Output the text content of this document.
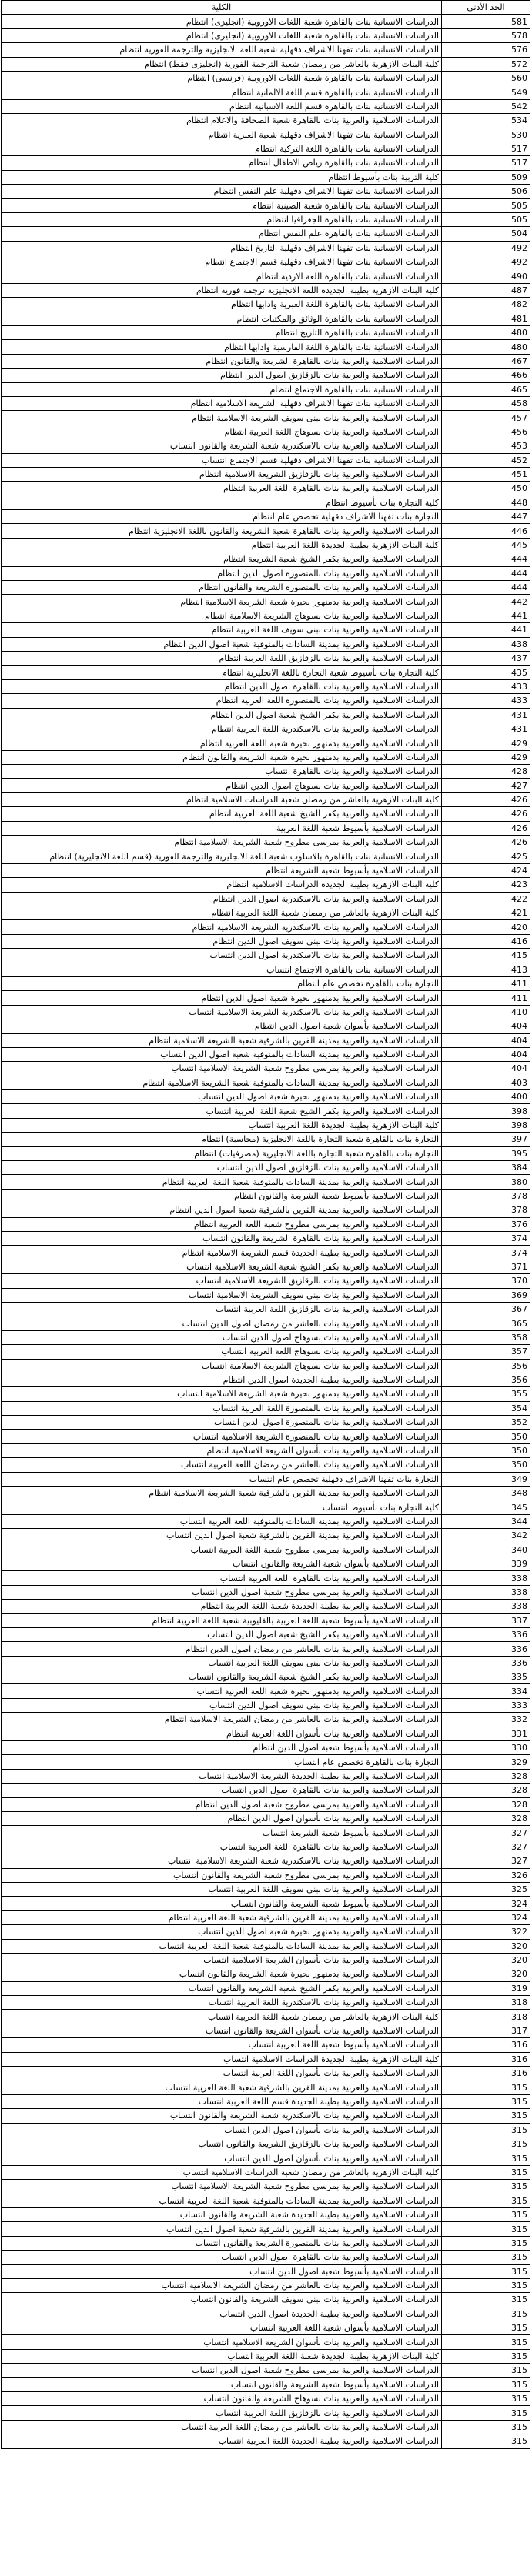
الحد الأدنى	الكلية
581	الدراسات الانسانية بنات بالقاهرة شعبة اللغات الاوروبية (انجليزى) انتظام
578	الدراسات الانسانية بنات بالقاهرة شعبة اللغات الاوروبية (انجليزى) انتظام
576	الدراسات الانسانية بنات تفهنا الاشراف دقهلية شعبة اللغة الانجليزية والترجمة الفورية انتظام
572	كلية البنات الازهرية بالعاشر من رمضان شعبة الترجمة الفورية (انجليزى فقط) انتظام
560	الدراسات الانسانية بنات بالقاهرة شعبة اللغات الاوروبية (فرنسى) انتظام
549	الدراسات الانسانية بنات بالقاهرة قسم اللغة الالمانية انتظام
542	الدراسات الانسانية بنات بالقاهرة قسم اللغة الاسبانية انتظام
534	الدراسات الاسلامية والعربية بنات بالقاهرة شعبة الصحافة والاعلام انتظام
530	الدراسات الانسانية بنات تفهنا الاشراف دقهلية شعبة العبرية انتظام
517	الدراسات الانسانية بنات بالقاهرة اللغة التركية انتظام
517	الدراسات الانسانية بنات بالقاهرة رياض الاطفال انتظام
509	كلية التربية بنات بأسيوط انتظام
506	الدراسات الانسانية بنات تفهنا الاشراف دقهلية علم النفس انتظام
505	الدراسات الانسانية بنات بالقاهرة شعبة الصينية انتظام
505	الدراسات الانسانية بنات بالقاهرة الجغرافيا انتظام
504	الدراسات الانسانية بنات بالقاهرة علم النفس انتظام
492	الدراسات الانسانية بنات تفهنا الاشراف دقهلية التاريخ انتظام
492	الدراسات الانسانية بنات تفهنا الاشراف دقهلية قسم الاجتماع انتظام
490	الدراسات الانسانية بنات بالقاهرة اللغة الاردية انتظام
487	كلية البنات الازهرية بطيبة الجديدة اللغة الانجليزية ترجمة فورية انتظام
482	الدراسات الانسانية بنات بالقاهرة اللغة العبرية وادابها انتظام
481	الدراسات الانسانية بنات بالقاهرة الوثائق والمكتبات انتظام
480	الدراسات الانسانية بنات بالقاهرة التاريخ انتظام
480	الدراسات الانسانية بنات بالقاهرة اللغة الفارسية وادابها انتظام
467	الدراسات الاسلامية والعربية بنات بالقاهرة الشريعة والقانون انتظام
466	الدراسات الاسلامية والعربية بنات بالزقازيق اصول الدين انتظام
465	الدراسات الانسانية بنات بالقاهرة الاجتماع انتظام
458	الدراسات الانسانية بنات تفهنا الاشراف دقهلية الشريعة الاسلامية انتظام
457	الدراسات الاسلامية والعربية بنات ببنى سويف الشريعة الاسلامية انتظام
456	الدراسات الاسلامية والعربية بنات بسوهاج اللغة العربية انتظام
453	الدراسات الاسلامية والعربية بنات بالاسكندرية شعبة الشريعة والقانون انتساب
452	الدراسات الانسانية بنات تفهنا الاشراف دقهلية قسم الاجتماع انتساب
451	الدراسات الاسلامية والعربية بنات بالزقازيق الشريعة الاسلامية انتظام
450	الدراسات الاسلامية والعربية بنات بالقاهرة اللغة العربية انتظام
448	كلية التجارة بنات بأسيوط انتظام
447	التجارة بنات تفهنا الاشراف دقهلية تخصص عام انتظام
446	الدراسات الاسلامية والعربية بنات بالقاهرة شعبة الشريعة والقانون باللغة الانجليزية انتظام
445	كلية البنات الازهرية بطيبة الجديدة اللغة العربية انتظام
444	الدراسات الاسلامية والعربية بكفر الشيخ شعبة الشريعة انتظام
444	الدراسات الاسلامية والعربية بنات بالمنصورة اصول الدين انتظام
444	الدراسات الاسلامية والعربية بنات بالمنصورة الشريعة والقانون انتظام
442	الدراسات الاسلامية والعربية بدمنهور بحيرة شعبة الشريعة الاسلامية انتظام
441	الدراسات الاسلامية والعربية بنات بسوهاج الشريعة الاسلامية انتظام
441	الدراسات الاسلامية والعربية بنات ببنى سويف اللغة العربية انتظام
438	الدراسات الاسلامية والعربية بمدينة السادات بالمنوفية شعبة اصول الدين انتظام
437	الدراسات الاسلامية والعربية بنات بالزقازيق اللغة العربية انتظام
435	كلية التجارة بنات بأسيوط شعبة التجارة باللغة الانجليزية انتظام
433	الدراسات الاسلامية والعربية بنات بالقاهرة اصول الدين انتظام
433	الدراسات الاسلامية والعربية بنات بالمنصورة اللغة العربية انتظام
431	الدراسات الاسلامية والعربية بكفر الشيخ شعبة اصول الدين انتظام
431	الدراسات الاسلامية والعربية بنات بالاسكندرية اللغة العربية انتظام
429	الدراسات الاسلامية والعربية بدمنهور بحيرة شعبة اللغة العربية انتظام
429	الدراسات الاسلامية والعربية بدمنهور بحيرة شعبة الشريعة والقانون انتظام
428	الدراسات الاسلامية والعربية بنات بالقاهرة انتساب
427	الدراسات الاسلامية والعربية بنات بسوهاج اصول الدين انتظام
426	كلية البنات الازهرية بالعاشر من رمضان شعبة الدراسات الاسلامية انتظام
426	الدراسات الاسلامية والعربية بكفر الشيخ شعبة اللغة العربية انتظام
426	الدراسات الاسلامية بأسيوط شعبة اللغة العربية
426	الدراسات الاسلامية والعربية بمرسى مطروح شعبة الشريعة الاسلامية انتظام
425	الدراسات الانسانية بنات بالقاهرة بالاسلوب شعبة اللغة الانجليزية والترجمة الفورية (قسم اللغة الانجليزية) انتظام
424	الدراسات الاسلامية بأسيوط شعبة الشريعة انتظام
423	كلية البنات الازهرية بطيبة الجديدة الدراسات الاسلامية انتظام
422	الدراسات الاسلامية والعربية بنات بالاسكندرية اصول الدين انتظام
421	كلية البنات الازهرية بالعاشر من رمضان شعبة اللغة العربية انتظام
420	الدراسات الاسلامية والعربية بنات بالاسكندرية الشريعة الاسلامية انتظام
416	الدراسات الاسلامية والعربية بنات ببنى سويف اصول الدين انتظام
415	الدراسات الاسلامية والعربية بنات بالاسكندرية اصول الدين انتساب
413	الدراسات الانسانية بنات بالقاهرة الاجتماع انتساب
411	التجارة بنات بالقاهرة تخصص عام انتظام
411	الدراسات الاسلامية والعربية بدمنهور بحيرة شعبة اصول الدين انتظام
410	الدراسات الاسلامية والعربية بنات بالاسكندرية الشريعة الاسلامية انتساب
404	الدراسات الاسلامية بأسوان شعبة اصول الدين انتظام
404	الدراسات الاسلامية والعربية بمدينة القرين بالشرقية شعبة الشريعة الاسلامية انتظام
404	الدراسات الاسلامية والعربية بمدينة السادات بالمنوفية شعبة اصول الدين انتساب
404	الدراسات الاسلامية والعربية بمرسى مطروح شعبة الشريعة الاسلامية انتساب
403	الدراسات الاسلامية والعربية بمدينة السادات بالمنوفية شعبة الشريعة الاسلامية انتظام
400	الدراسات الاسلامية والعربية بدمنهور بحيرة شعبة اصول الدين انتساب
398	الدراسات الاسلامية والعربية بكفر الشيخ شعبة اللغة العربية انتساب
398	كلية البنات الازهرية بطيبة الجديدة اللغة العربية انتساب
397	التجارة بنات بالقاهرة شعبة التجارة باللغة الانجليزية (محاسبة) انتظام
395	التجارة بنات بالقاهرة شعبة التجارة باللغة الانجليزية (مصرفيات) انتظام
384	الدراسات الاسلامية والعربية بنات بالزقازيق اصول الدين انتساب
380	الدراسات الاسلامية والعربية بمدينة السادات بالمنوفية شعبة اللغة العربية انتظام
378	الدراسات الاسلامية بأسيوط شعبة الشريعة والقانون انتظام
378	الدراسات الاسلامية والعربية بمدينة القرين بالشرقية شعبة اصول الدين انتظام
376	الدراسات الاسلامية والعربية بمرسى مطروح شعبة اللغة العربية انتظام
374	الدراسات الاسلامية والعربية بنات بالقاهرة الشريعة والقانون انتساب
374	الدراسات الاسلامية والعربية بطيبة الجديدة قسم الشريعة الاسلامية انتظام
371	الدراسات الاسلامية والعربية بكفر الشيخ شعبة الشريعة الاسلامية انتساب
370	الدراسات الاسلامية والعربية بنات بالزقازيق الشريعة الاسلامية انتساب
369	الدراسات الاسلامية والعربية بنات ببنى سويف الشريعة الاسلامية انتساب
367	الدراسات الاسلامية والعربية بنات بالزقازيق اللغة العربية انتساب
365	الدراسات الاسلامية والعربية بنات بالعاشر من رمضان اصول الدين انتساب
358	الدراسات الاسلامية والعربية بنات بسوهاج اصول الدين انتساب
357	الدراسات الاسلامية والعربية بنات بسوهاج اللغة العربية انتساب
356	الدراسات الاسلامية والعربية بنات بسوهاج الشريعة الاسلامية انتساب
356	الدراسات الاسلامية والعربية بطيبة الجديدة اصول الدين انتظام
355	الدراسات الاسلامية والعربية بدمنهور بحيرة شعبة الشريعة الاسلامية انتساب
354	الدراسات الاسلامية والعربية بنات بالمنصورة اللغة العربية انتساب
352	الدراسات الاسلامية والعربية بنات بالمنصورة اصول الدين انتساب
350	الدراسات الاسلامية والعربية بنات بالمنصورة الشريعة الاسلامية انتساب
350	الدراسات الاسلامية والعربية بنات بأسوان الشريعة الاسلامية انتظام
350	الدراسات الاسلامية والعربية بنات بالعاشر من رمضان اللغة العربية انتساب
349	التجارة بنات تفهنا الاشراف دقهلية تخصص عام انتساب
348	الدراسات الاسلامية والعربية بمدينة القرين بالشرقية شعبة الشريعة الاسلامية انتظام
345	كلية التجارة بنات بأسيوط انتساب
344	الدراسات الاسلامية والعربية بمدينة السادات بالمنوفية اللغة العربية انتساب
342	الدراسات الاسلامية والعربية بمدينة القرين بالشرقية شعبة اصول الدين انتساب
340	الدراسات الاسلامية والعربية بمرسى مطروح شعبة اللغة العربية انتساب
339	الدراسات الاسلامية بأسوان شعبة الشريعة والقانون انتساب
338	الدراسات الاسلامية والعربية بنات بالقاهرة اللغة العربية انتساب
338	الدراسات الاسلامية والعربية بمرسى مطروح شعبة اصول الدين انتساب
338	الدراسات الاسلامية والعربية بطيبة الجديدة شعبة اللغة العربية انتظام
337	الدراسات الاسلامية بأسيوط شعبة اللغة العربية بالقليوبية شعبة اللغة العربية انتظام
336	الدراسات الاسلامية والعربية بكفر الشيخ شعبة اصول الدين انتساب
336	الدراسات الاسلامية والعربية بنات بالعاشر من رمضان اصول الدين انتظام
336	الدراسات الاسلامية والعربية بنات ببنى سويف اللغة العربية انتساب
335	الدراسات الاسلامية والعربية بكفر الشيخ شعبة الشريعة والقانون انتساب
334	الدراسات الاسلامية والعربية بدمنهور بحيرة شعبة اللغة العربية انتساب
333	الدراسات الاسلامية والعربية بنات ببنى سويف اصول الدين انتساب
332	الدراسات الاسلامية والعربية بنات بالعاشر من رمضان الشريعة الاسلامية انتظام
331	الدراسات الاسلامية والعربية بنات بأسوان اللغة العربية انتظام
330	الدراسات الاسلامية بأسيوط شعبة اصول الدين انتظام
329	التجارة بنات بالقاهرة تخصص عام انتساب
328	الدراسات الاسلامية والعربية بطيبة الجديدة الشريعة الاسلامية انتساب
328	الدراسات الاسلامية والعربية بنات بالقاهرة اصول الدين انتساب
328	الدراسات الاسلامية والعربية بمرسى مطروح شعبة اصول الدين انتظام
328	الدراسات الاسلامية والعربية بنات بأسوان اصول الدين انتظام
327	الدراسات الاسلامية بأسيوط شعبة الشريعة انتساب
327	الدراسات الاسلامية والعربية بنات بالقاهرة اللغة العربية انتساب
327	الدراسات الاسلامية والعربية بنات بالاسكندرية شعبة الشريعة الاسلامية انتساب
326	الدراسات الاسلامية والعربية بمرسى مطروح شعبة الشريعة والقانون انتساب
325	الدراسات الاسلامية والعربية بنات ببنى سويف اللغة العربية انتساب
324	الدراسات الاسلامية بأسيوط شعبة الشريعة والقانون انتساب
324	الدراسات الاسلامية والعربية بمدينة القرين بالشرقية شعبة اللغة العربية انتظام
322	الدراسات الاسلامية والعربية بدمنهور بحيرة شعبة اصول الدين انتساب
320	الدراسات الاسلامية والعربية بمدينة السادات بالمنوفية شعبة اللغة العربية انتساب
320	الدراسات الاسلامية والعربية بنات بأسوان الشريعة الاسلامية انتساب
320	الدراسات الاسلامية والعربية بدمنهور بحيرة شعبة الشريعة والقانون انتساب
319	الدراسات الاسلامية والعربية بكفر الشيخ شعبة الشريعة والقانون انتساب
318	الدراسات الاسلامية والعربية بنات بالاسكندرية اللغة العربية انتساب
318	كلية البنات الازهرية بالعاشر من رمضان شعبة اللغة العربية انتساب
317	الدراسات الاسلامية والعربية بنات بأسوان الشريعة والقانون انتساب
316	الدراسات الاسلامية بأسيوط شعبة اللغة العربية انتساب
316	كلية البنات الازهرية بطيبة الجديدة الدراسات الاسلامية انتساب
316	الدراسات الاسلامية والعربية بنات بأسوان اللغة العربية انتساب
315	الدراسات الاسلامية والعربية بمدينة القرين بالشرقية شعبة اللغة العربية انتساب
315	الدراسات الاسلامية والعربية بطيبة الجديدة قسم اللغة العربية انتساب
315	الدراسات الاسلامية والعربية بنات بالاسكندرية شعبة الشريعة والقانون انتساب
315	الدراسات الاسلامية والعربية بنات بأسوان اصول الدين انتساب
315	الدراسات الاسلامية والعربية بنات بالزقازيق الشريعة والقانون انتساب
315	الدراسات الاسلامية والعربية بنات بأسوان اصول الدين انتساب
315	كلية البنات الازهرية بالعاشر من رمضان شعبة الدراسات الاسلامية انتساب
315	الدراسات الاسلامية والعربية بمرسى مطروح شعبة الشريعة الاسلامية انتساب
315	الدراسات الاسلامية والعربية بمدينة السادات بالمنوفية شعبة اللغة العربية انتساب
315	الدراسات الاسلامية والعربية بطيبة الجديدة شعبة الشريعة والقانون انتساب
315	الدراسات الاسلامية والعربية بمدينة القرين بالشرقية شعبة اصول الدين انتساب
315	الدراسات الاسلامية والعربية بنات بالمنصورة الشريعة والقانون انتساب
315	الدراسات الاسلامية والعربية بنات بالقاهرة اصول الدين انتساب
315	الدراسات الاسلامية بأسيوط شعبة اصول الدين انتساب
315	الدراسات الاسلامية والعربية بنات بالعاشر من رمضان الشريعة الاسلامية انتساب
315	الدراسات الاسلامية والعربية بنات ببنى سويف الشريعة والقانون انتساب
315	الدراسات الاسلامية والعربية بطيبة الجديدة اصول الدين انتساب
315	الدراسات الاسلامية بأسوان شعبة اللغة العربية انتساب
315	الدراسات الاسلامية والعربية بنات بأسوان الشريعة الاسلامية انتساب
315	كلية البنات الازهرية بطيبة الجديدة شعبة اللغة العربية انتساب
315	الدراسات الاسلامية والعربية بمرسى مطروح شعبة اصول الدين انتساب
315	الدراسات الاسلامية بأسيوط شعبة الشريعة والقانون انتساب
315	الدراسات الاسلامية والعربية بنات بسوهاج الشريعة والقانون انتساب
315	الدراسات الاسلامية والعربية بنات بالزقازيق اللغة العربية انتساب
315	الدراسات الاسلامية والعربية بنات بالعاشر من رمضان اللغة العربية انتساب
315	الدراسات الاسلامية والعربية بطيبة الجديدة اللغة العربية انتساب
